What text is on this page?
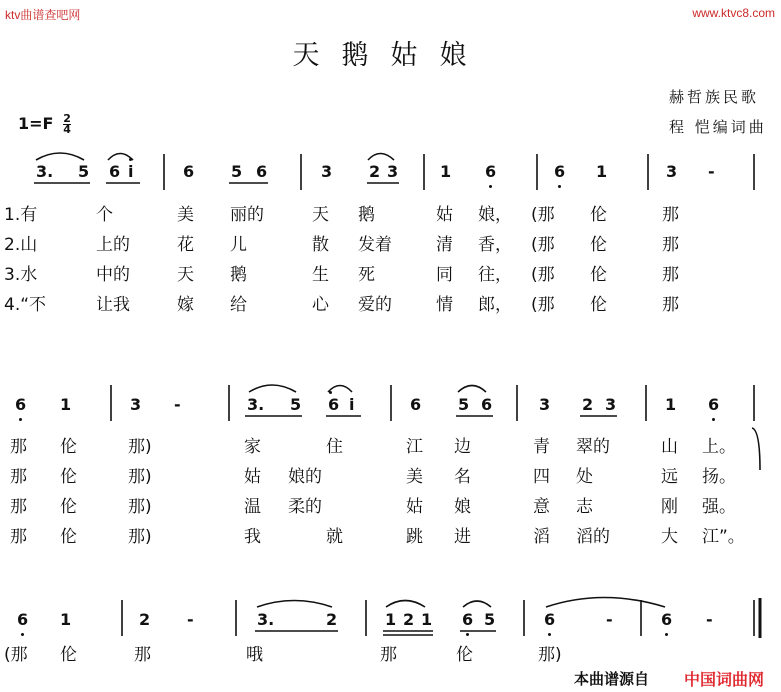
ktv曲谱查吧网	www.ktvc8.com
天鹅姑娘
赫哲族民歌
程 恺编词曲
$1=F \frac{2}{4}$
3. 5 6 i	6 5 6	3 2 3	1 6	6 1	3 -
1.有	个	美 丽的	天 鹅	姑 娘， (那 伦	那
2.山	上的	花 儿	散 发着	清 香， (那 伦	那
3.水	中的	天 鹅	生 死	同 往， (那 伦	那
4.“不	让我	嫁 给	心 爱的	情 郎， (那 伦	那
6 1	3 -	3. 5 6 i	6 5 6	3 2 3	1 6
那 伦	那)	家	住	江 边	青 翠的	山 上。
那 伦	那)	姑 娘的	美 名	四 处	远 扬。
那 伦	那)	温 柔的	姑 娘	意 志	刚 强。
那 伦	那)	我	就	跳 进	滔 滔的	大 江”。
6 1	2 -	3.	2	1 2 1 6 5	6	-	6 -
(那 伦	那	哦	那	伦	那)
本曲谱源自 中国词曲网
